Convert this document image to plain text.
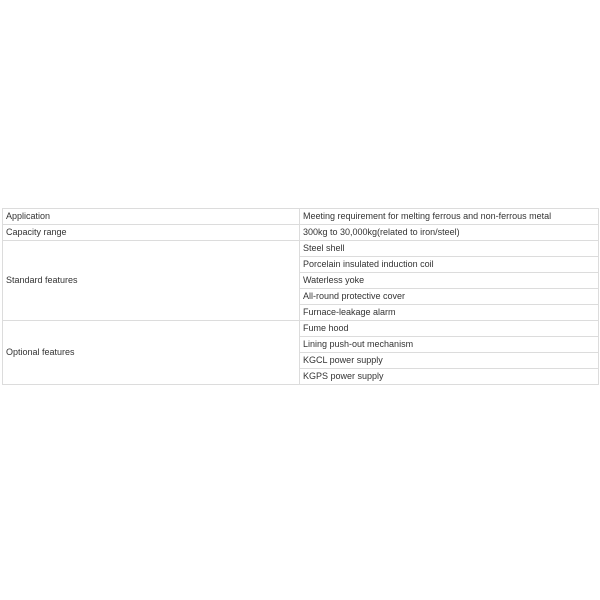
Application	Meeting requirement for melting ferrous and non-ferrous metal
Capacity range	300kg to 30,000kg(related to iron/steel)
Standard features	Steel shell
	Porcelain insulated induction coil
	Waterless yoke
	All-round protective cover
	Furnace-leakage alarm
Optional features	Fume hood
	Lining push-out mechanism
	KGCL power supply
	KGPS power supply
